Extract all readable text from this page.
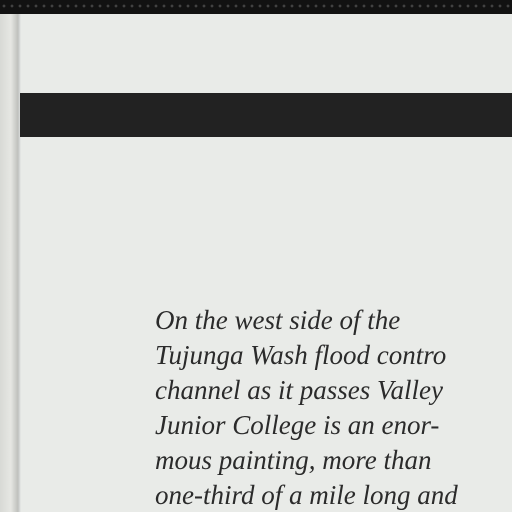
On the west side of the
Tujunga Wash flood contro
channel as it passes Valley
Junior College is an enor-
mous painting, more than
one-third of a mile long and
